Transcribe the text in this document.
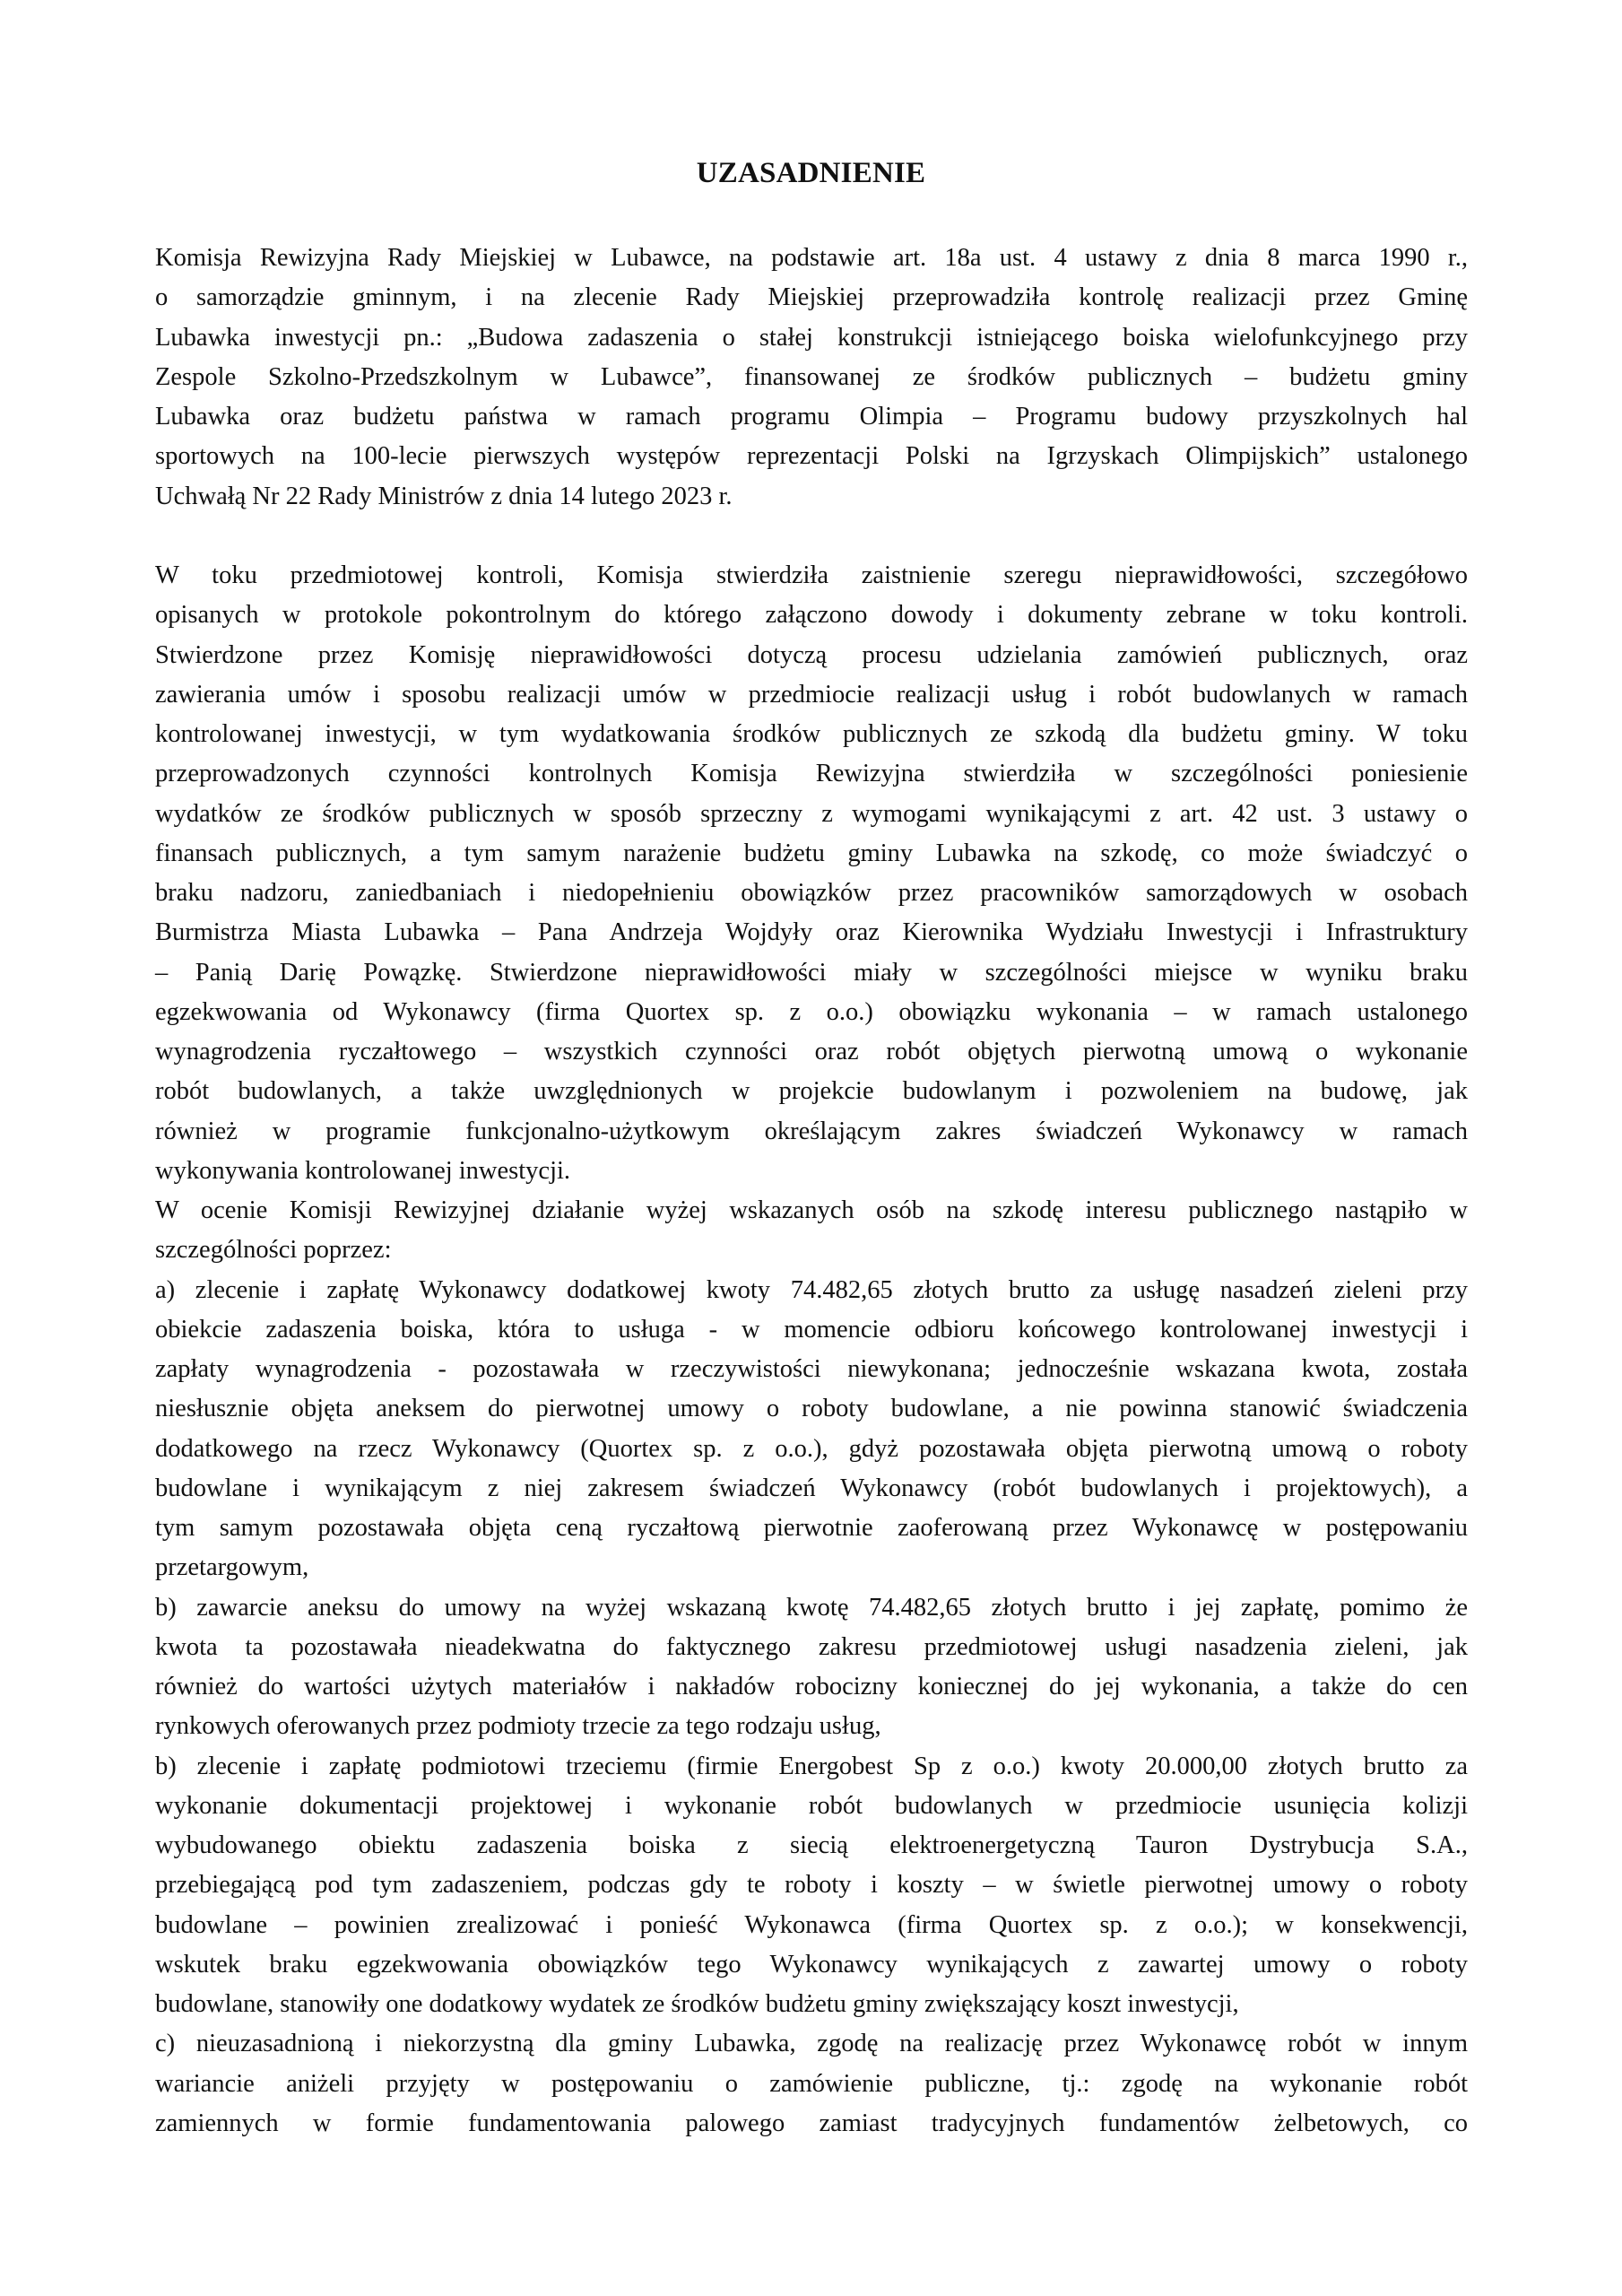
UZASADNIENIE
Komisja Rewizyjna Rady Miejskiej w Lubawce, na podstawie art. 18a ust. 4 ustawy z dnia 8 marca 1990 r.,
o samorządzie gminnym, i na zlecenie Rady Miejskiej przeprowadziła kontrolę realizacji przez Gminę
Lubawka inwestycji pn.: „Budowa zadaszenia o stałej konstrukcji istniejącego boiska wielofunkcyjnego przy
Zespole Szkolno-Przedszkolnym w Lubawce”, finansowanej ze środków publicznych – budżetu gminy
Lubawka oraz budżetu państwa w ramach programu Olimpia – Programu budowy przyszkolnych hal
sportowych na 100-lecie pierwszych występów reprezentacji Polski na Igrzyskach Olimpijskich” ustalonego
Uchwałą Nr 22 Rady Ministrów z dnia 14 lutego 2023 r.
W toku przedmiotowej kontroli, Komisja stwierdziła zaistnienie szeregu nieprawidłowości, szczegółowo
opisanych w protokole pokontrolnym do którego załączono dowody i dokumenty zebrane w toku kontroli.
Stwierdzone przez Komisję nieprawidłowości dotyczą procesu udzielania zamówień publicznych, oraz
zawierania umów i sposobu realizacji umów w przedmiocie realizacji usług i robót budowlanych w ramach
kontrolowanej inwestycji, w tym wydatkowania środków publicznych ze szkodą dla budżetu gminy. W toku
przeprowadzonych czynności kontrolnych Komisja Rewizyjna stwierdziła w szczególności poniesienie
wydatków ze środków publicznych w sposób sprzeczny z wymogami wynikającymi z art. 42 ust. 3 ustawy o
finansach publicznych, a tym samym narażenie budżetu gminy Lubawka na szkodę, co może świadczyć o
braku nadzoru, zaniedbaniach i niedopełnieniu obowiązków przez pracowników samorządowych w osobach
Burmistrza Miasta Lubawka – Pana Andrzeja Wojdyły oraz Kierownika Wydziału Inwestycji i Infrastruktury
– Panią Darię Powązkę. Stwierdzone nieprawidłowości miały w szczególności miejsce w wyniku braku
egzekwowania od Wykonawcy (firma Quortex sp. z o.o.) obowiązku wykonania – w ramach ustalonego
wynagrodzenia ryczałtowego – wszystkich czynności oraz robót objętych pierwotną umową o wykonanie
robót budowlanych, a także uwzględnionych w projekcie budowlanym i pozwoleniem na budowę, jak
również w programie funkcjonalno-użytkowym określającym zakres świadczeń Wykonawcy w ramach
wykonywania kontrolowanej inwestycji.
W ocenie Komisji Rewizyjnej działanie wyżej wskazanych osób na szkodę interesu publicznego nastąpiło w
szczególności poprzez:
a) zlecenie i zapłatę Wykonawcy dodatkowej kwoty 74.482,65 złotych brutto za usługę nasadzeń zieleni przy
obiekcie zadaszenia boiska, która to usługa - w momencie odbioru końcowego kontrolowanej inwestycji i
zapłaty wynagrodzenia - pozostawała w rzeczywistości niewykonana; jednocześnie wskazana kwota, została
niesłusznie objęta aneksem do pierwotnej umowy o roboty budowlane, a nie powinna stanowić świadczenia
dodatkowego na rzecz Wykonawcy (Quortex sp. z o.o.), gdyż pozostawała objęta pierwotną umową o roboty
budowlane i wynikającym z niej zakresem świadczeń Wykonawcy (robót budowlanych i projektowych), a
tym samym pozostawała objęta ceną ryczałtową pierwotnie zaoferowaną przez Wykonawcę w postępowaniu
przetargowym,
b) zawarcie aneksu do umowy na wyżej wskazaną kwotę 74.482,65 złotych brutto i jej zapłatę, pomimo że
kwota ta pozostawała nieadekwatna do faktycznego zakresu przedmiotowej usługi nasadzenia zieleni, jak
również do wartości użytych materiałów i nakładów robocizny koniecznej do jej wykonania, a także do cen
rynkowych oferowanych przez podmioty trzecie za tego rodzaju usług,
b) zlecenie i zapłatę podmiotowi trzeciemu (firmie Energobest Sp z o.o.) kwoty 20.000,00 złotych brutto za
wykonanie dokumentacji projektowej i wykonanie robót budowlanych w przedmiocie usunięcia kolizji
wybudowanego obiektu zadaszenia boiska z siecią elektroenergetyczną Tauron Dystrybucja S.A.,
przebiegającą pod tym zadaszeniem, podczas gdy te roboty i koszty – w świetle pierwotnej umowy o roboty
budowlane – powinien zrealizować i ponieść Wykonawca (firma Quortex sp. z o.o.); w konsekwencji,
wskutek braku egzekwowania obowiązków tego Wykonawcy wynikających z zawartej umowy o roboty
budowlane, stanowiły one dodatkowy wydatek ze środków budżetu gminy zwiększający koszt inwestycji,
c) nieuzasadnioną i niekorzystną dla gminy Lubawka, zgodę na realizację przez Wykonawcę robót w innym
wariancie aniżeli przyjęty w postępowaniu o zamówienie publiczne, tj.: zgodę na wykonanie robót
zamiennych w formie fundamentowania palowego zamiast tradycyjnych fundamentów żelbetowych, co
